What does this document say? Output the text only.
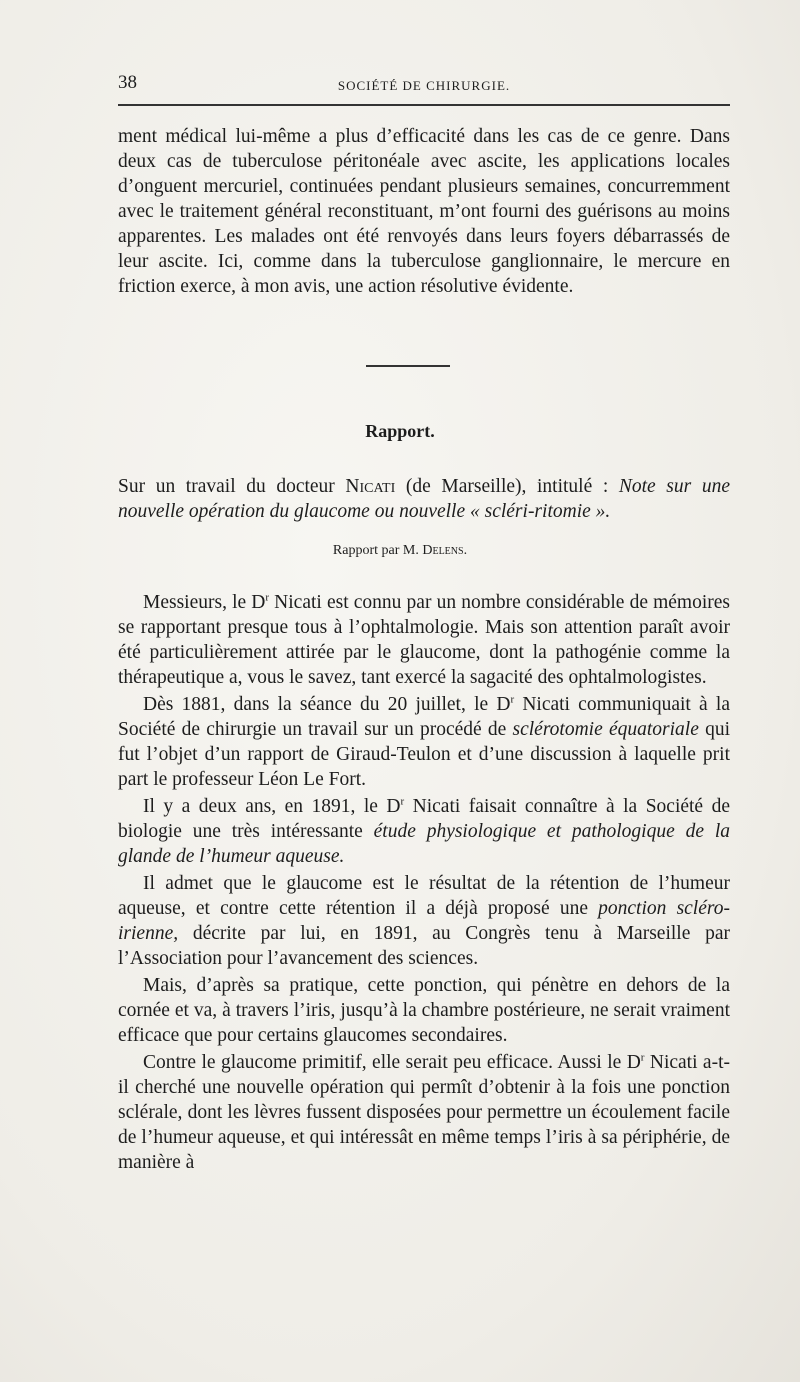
38	SOCIÉTÉ DE CHIRURGIE.
ment médical lui-même a plus d’efficacité dans les cas de ce genre. Dans deux cas de tuberculose péritonéale avec ascite, les applications locales d’onguent mercuriel, continuées pendant plusieurs semaines, concurremment avec le traitement général reconstituant, m’ont fourni des guérisons au moins apparentes. Les malades ont été renvoyés dans leurs foyers débarrassés de leur ascite. Ici, comme dans la tuberculose ganglionnaire, le mercure en friction exerce, à mon avis, une action résolutive évidente.
Rapport.
Sur un travail du docteur Nicati (de Marseille), intitulé : Note sur une nouvelle opération du glaucome ou nouvelle « scléri-ritomie ».
Rapport par M. Delens.

Messieurs, le $D^r$ Nicati est connu par un nombre considérable de mémoires se rapportant presque tous à l’ophtalmologie. Mais son attention paraît avoir été particulièrement attirée par le glaucome, dont la pathogénie comme la thérapeutique a, vous le savez, tant exercé la sagacité des ophtalmologistes.

Dès 1881, dans la séance du 20 juillet, le $D^r$ Nicati communiquait à la Société de chirurgie un travail sur un procédé de sclérotomie équatoriale qui fut l’objet d’un rapport de Giraud-Teulon et d’une discussion à laquelle prit part le professeur Léon Le Fort.

Il y a deux ans, en 1891, le $D^r$ Nicati faisait connaître à la Société de biologie une très intéressante étude physiologique et pathologique de la glande de l’humeur aqueuse.

Il admet que le glaucome est le résultat de la rétention de l’humeur aqueuse, et contre cette rétention il a déjà proposé une ponction scléro-irienne, décrite par lui, en 1891, au Congrès tenu à Marseille par l’Association pour l’avancement des sciences.

Mais, d’après sa pratique, cette ponction, qui pénètre en dehors de la cornée et va, à travers l’iris, jusqu’à la chambre postérieure, ne serait vraiment efficace que pour certains glaucomes secondaires.

Contre le glaucome primitif, elle serait peu efficace. Aussi le $D^r$ Nicati a-t-il cherché une nouvelle opération qui permît d’obtenir à la fois une ponction sclérale, dont les lèvres fussent disposées pour permettre un écoulement facile de l’humeur aqueuse, et qui intéressât en même temps l’iris à sa périphérie, de manière à
